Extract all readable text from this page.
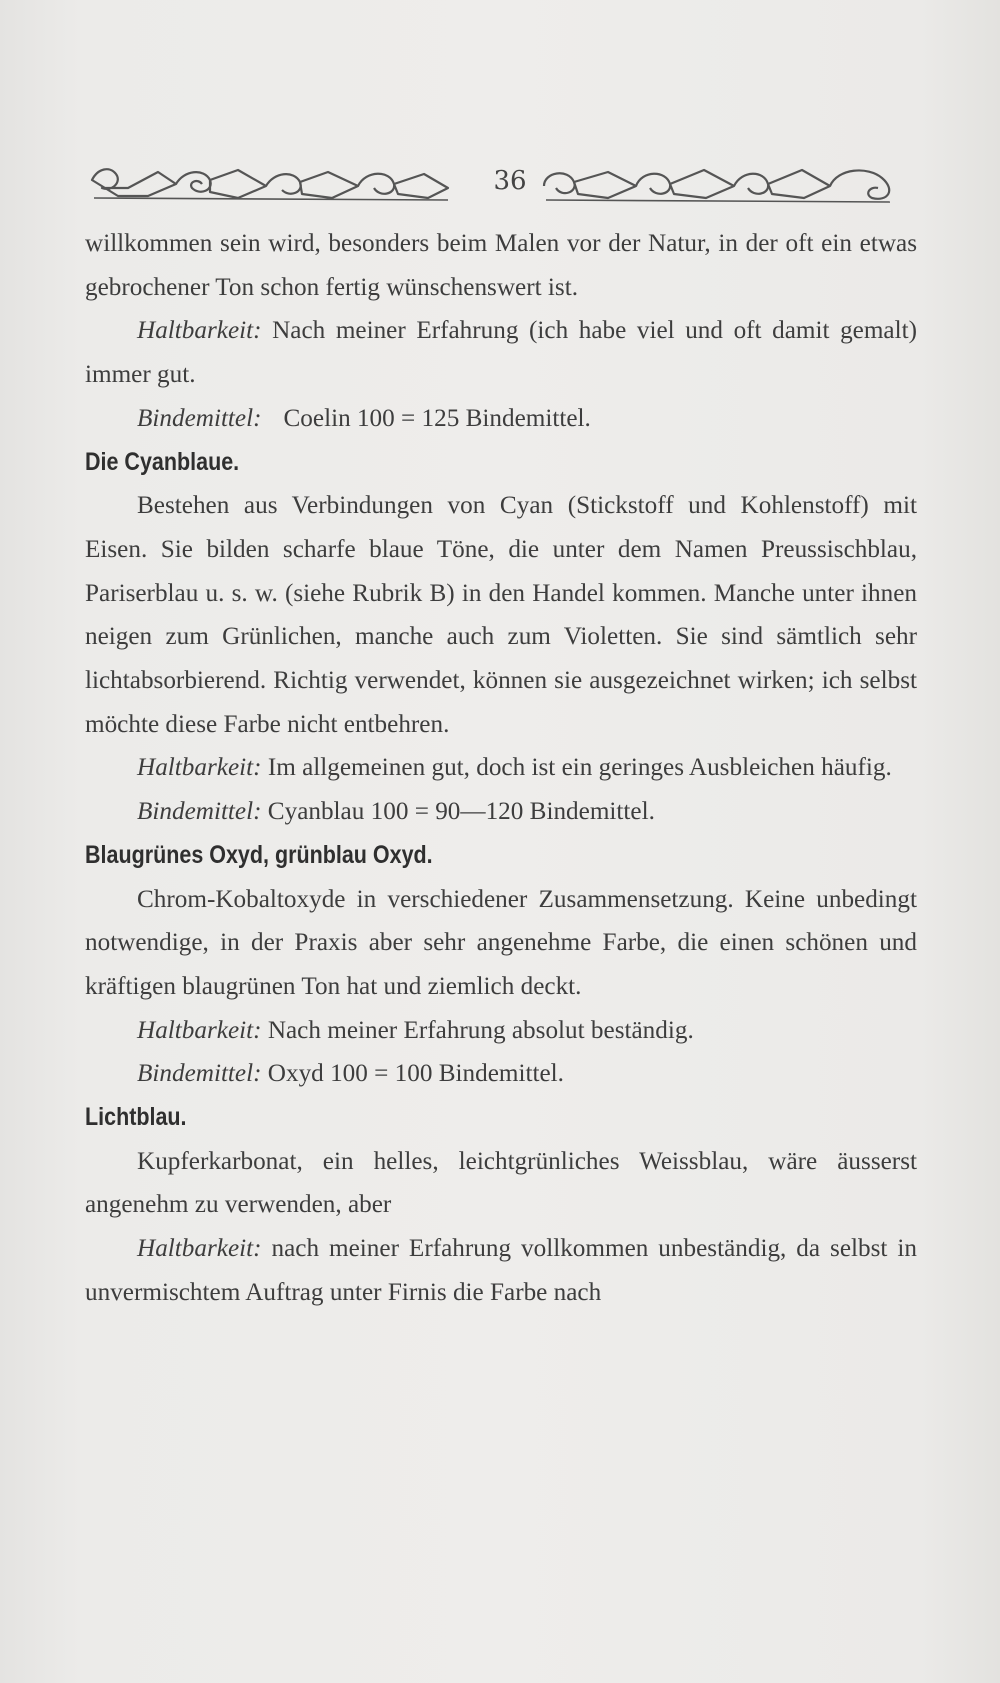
36

willkommen sein wird, besonders beim Malen vor der Natur, in der oft ein etwas gebrochener Ton schon fertig wünschenswert ist.

Haltbarkeit: Nach meiner Erfahrung (ich habe viel und oft damit gemalt) immer gut.

Bindemittel: Coelin 100 = 125 Bindemittel.

Die Cyanblaue.

Bestehen aus Verbindungen von Cyan (Stickstoff und Kohlenstoff) mit Eisen. Sie bilden scharfe blaue Töne, die unter dem Namen Preussischblau, Pariserblau u. s. w. (siehe Rubrik B) in den Handel kommen. Manche unter ihnen neigen zum Grünlichen, manche auch zum Violetten. Sie sind sämtlich sehr lichtabsorbierend. Richtig verwendet, können sie ausgezeichnet wirken; ich selbst möchte diese Farbe nicht entbehren.

Haltbarkeit: Im allgemeinen gut, doch ist ein geringes Ausbleichen häufig.

Bindemittel: Cyanblau 100 = 90—120 Bindemittel.

Blaugrünes Oxyd, grünblau Oxyd.

Chrom-Kobaltoxyde in verschiedener Zusammensetzung. Keine unbedingt notwendige, in der Praxis aber sehr angenehme Farbe, die einen schönen und kräftigen blaugrünen Ton hat und ziemlich deckt.

Haltbarkeit: Nach meiner Erfahrung absolut beständig.

Bindemittel: Oxyd 100 = 100 Bindemittel.

Lichtblau.

Kupferkarbonat, ein helles, leichtgrünliches Weissblau, wäre äusserst angenehm zu verwenden, aber

Haltbarkeit: nach meiner Erfahrung vollkommen unbeständig, da selbst in unvermischtem Auftrag unter Firnis die Farbe nach
